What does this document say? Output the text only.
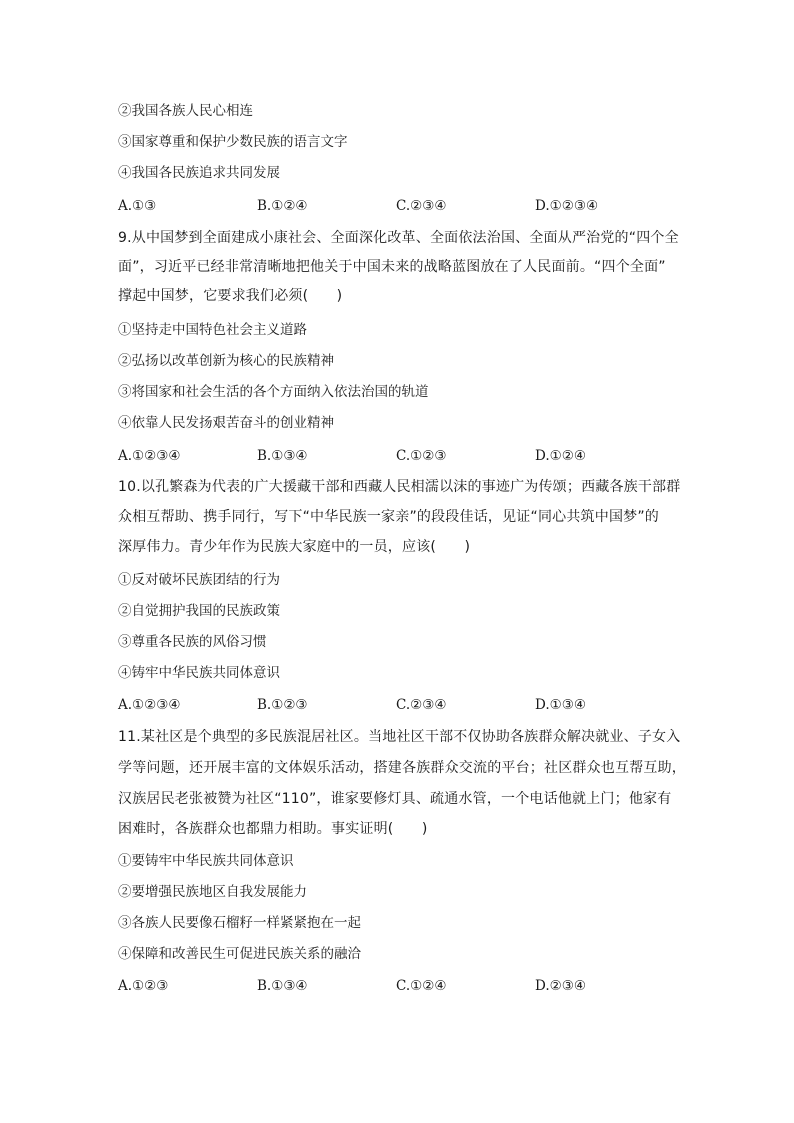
②我国各族人民心相连
③国家尊重和保护少数民族的语言文字
④我国各民族追求共同发展
A.①③	B.①②④	C.②③④	D.①②③④
9.从中国梦到全面建成小康社会、全面深化改革、全面依法治国、全面从严治党的“四个全
面”，习近平已经非常清晰地把他关于中国未来的战略蓝图放在了人民面前。“四个全面”
撑起中国梦，它要求我们必须(　　)
①坚持走中国特色社会主义道路
②弘扬以改革创新为核心的民族精神
③将国家和社会生活的各个方面纳入依法治国的轨道
④依靠人民发扬艰苦奋斗的创业精神
A.①②③④	B.①③④	C.①②③	D.①②④
10.以孔繁森为代表的广大援藏干部和西藏人民相濡以沫的事迹广为传颂；西藏各族干部群
众相互帮助、携手同行，写下“中华民族一家亲”的段段佳话，见证“同心共筑中国梦”的
深厚伟力。青少年作为民族大家庭中的一员，应该(　　)
①反对破坏民族团结的行为
②自觉拥护我国的民族政策
③尊重各民族的风俗习惯
④铸牢中华民族共同体意识
A.①②③④	B.①②③	C.②③④	D.①③④
11.某社区是个典型的多民族混居社区。当地社区干部不仅协助各族群众解决就业、子女入
学等问题，还开展丰富的文体娱乐活动，搭建各族群众交流的平台；社区群众也互帮互助，
汉族居民老张被赞为社区“110”，谁家要修灯具、疏通水管，一个电话他就上门；他家有
困难时，各族群众也都鼎力相助。事实证明(　　)
①要铸牢中华民族共同体意识
②要增强民族地区自我发展能力
③各族人民要像石榴籽一样紧紧抱在一起
④保障和改善民生可促进民族关系的融洽
A.①②③	B.①③④	C.①②④	D.②③④
